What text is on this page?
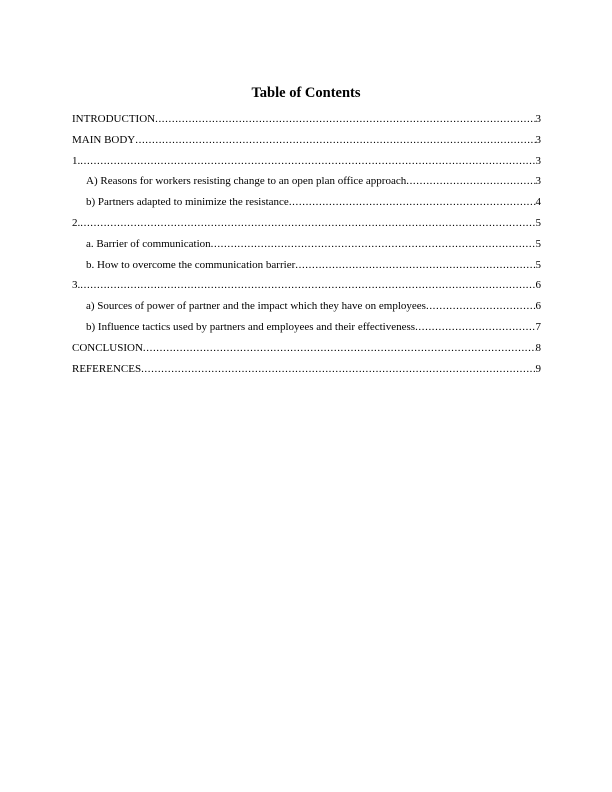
Table of Contents
INTRODUCTION .....	3
MAIN BODY .....	3
1. .....	3
A) Reasons for workers resisting change to an open plan office approach .....	3
b) Partners adapted to minimize the resistance .....	4
2. .....	5
a. Barrier of communication .....	5
b. How to overcome the communication barrier .....	5
3. .....	6
a) Sources of power of partner and the impact which they have on employees .....	6
b) Influence tactics used by partners and employees and their effectiveness .....	7
CONCLUSION .....	8
REFERENCES .....	9
